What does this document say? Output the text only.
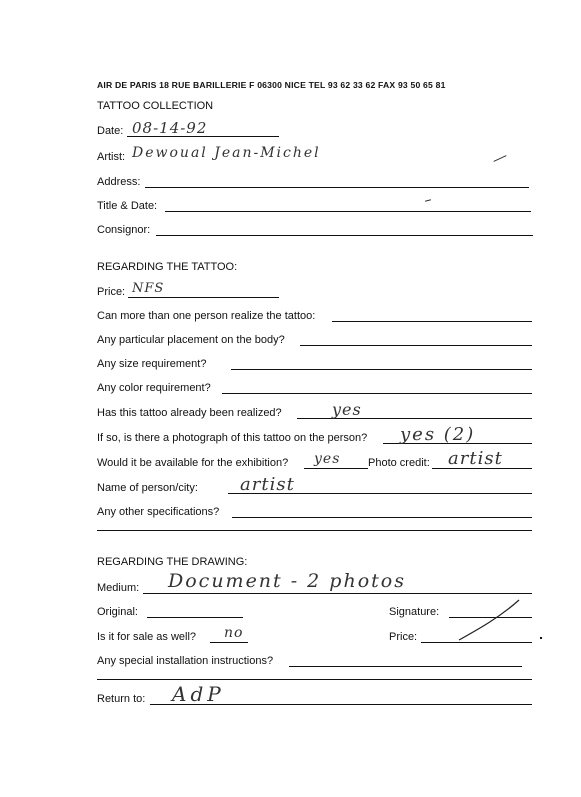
AIR DE PARIS 18 RUE BARILLERIE F 06300 NICE TEL 93 62 33 62 FAX 93 50 65 81
TATTOO COLLECTION
Date: 08-14-92
Artist: Dewoual Jean-Michel
Address:
Title & Date:
Consignor:
REGARDING THE TATTOO:
Price: NFS
Can more than one person realize the tattoo:
Any particular placement on the body?
Any size requirement?
Any color requirement?
Has this tattoo already been realized?	yes
If so, is there a photograph of this tattoo on the person? yes (2)
Would it be available for the exhibition? yes	Photo credit: artist
Name of person/city: artist
Any other specifications?
REGARDING THE DRAWING:
Medium: Document - 2 photos
Original:	Signature:
Is it for sale as well? no	Price:
Any special installation instructions?
Return to: AdP
